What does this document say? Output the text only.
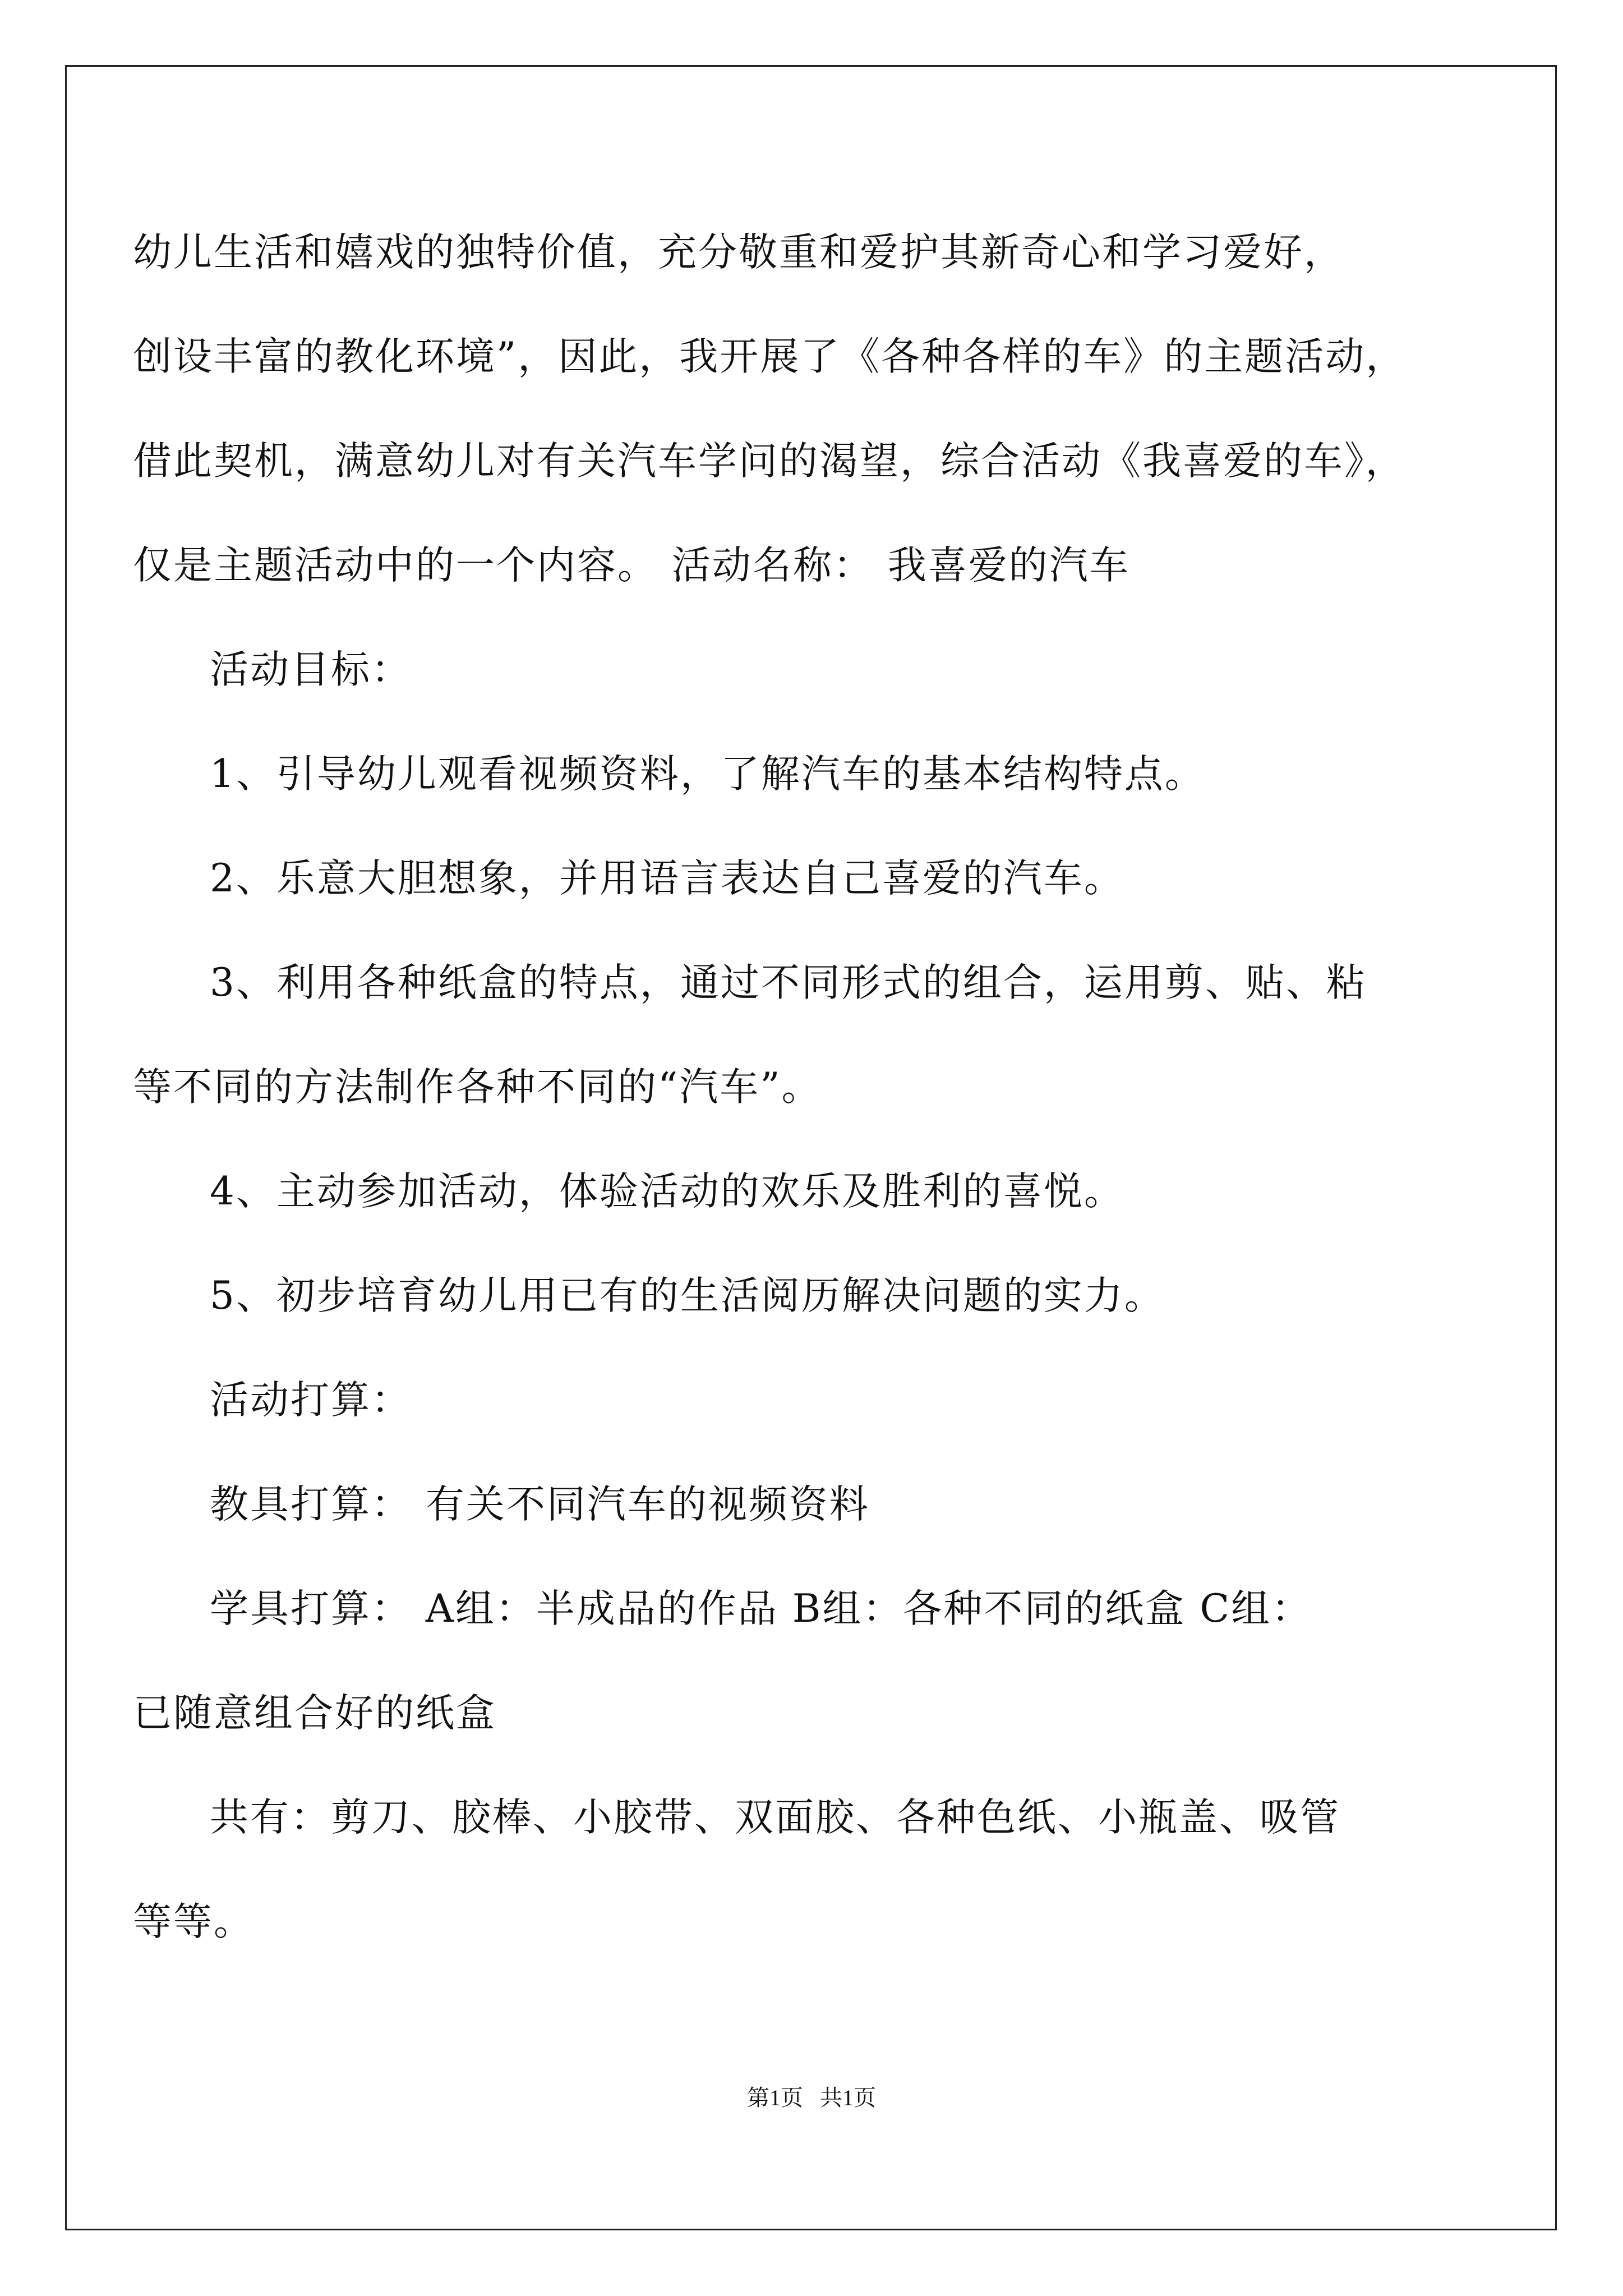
幼儿生活和嬉戏的独特价值，充分敬重和爱护其新奇心和学习爱好，

创设丰富的教化环境”，因此，我开展了《各种各样的车》的主题活动，

借此契机，满意幼儿对有关汽车学问的渴望，综合活动《我喜爱的车》，

仅是主题活动中的一个内容。 活动名称： 我喜爱的汽车

活动目标：

1、引导幼儿观看视频资料，了解汽车的基本结构特点。

2、乐意大胆想象，并用语言表达自己喜爱的汽车。

3、利用各种纸盒的特点，通过不同形式的组合，运用剪、贴、粘

等不同的方法制作各种不同的“汽车”。

4、主动参加活动，体验活动的欢乐及胜利的喜悦。

5、初步培育幼儿用已有的生活阅历解决问题的实力。

活动打算：

教具打算： 有关不同汽车的视频资料

学具打算： A组：半成品的作品 B组：各种不同的纸盒 C组：

已随意组合好的纸盒

共有：剪刀、胶棒、小胶带、双面胶、各种色纸、小瓶盖、吸管

等等。

第1页   共1页
